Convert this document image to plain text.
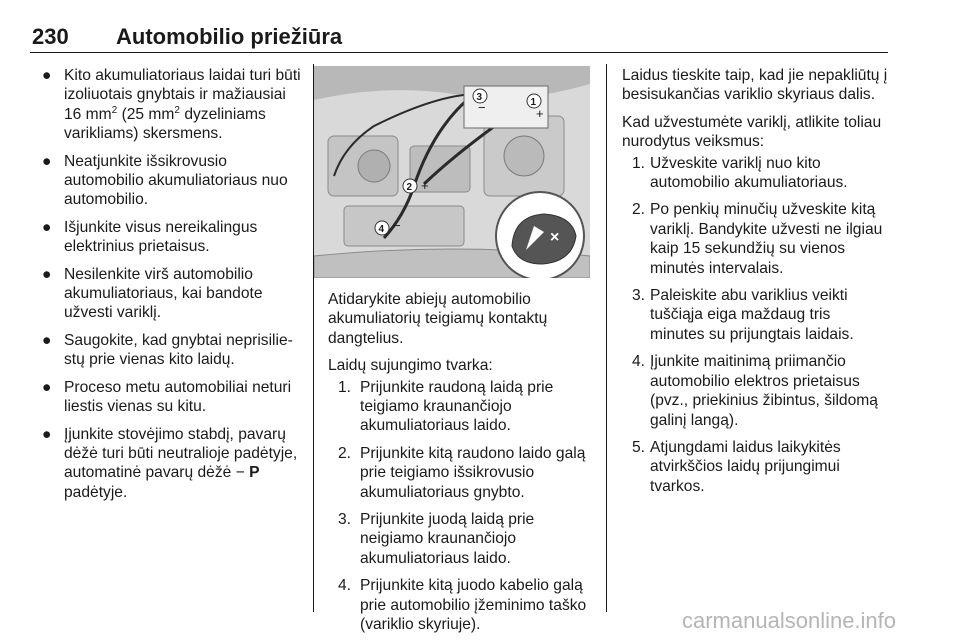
230 Automobilio priežiūra
● Kito akumuliatoriaus laidai turi būti izoliuotais gnybtais ir mažiausiai 16 $mm^2$ (25 $mm^2$ dyzeliniams varikliams) skersmens.
● Neatjunkite išsikrovusio automobilio akumuliatoriaus nuo automobilio.
● Išjunkite visus nereikalingus elektrinius prietaisus.
● Nesilenkite virš automobilio akumuliatoriaus, kai bandote užvesti variklį.
● Saugokite, kad gnybtai neprisiliestų prie vienas kito laidų.
● Proceso metu automobiliai neturi liestis vienas su kitu.
● Įjunkite stovėjimo stabdį, pavarų dėžė turi būti neutralioje padėtyje, automatinė pavarų dėžė − P padėtyje.
1
+
3
−
2 +
4 −
×
Atidarykite abiejų automobilio akumuliatorių teigiamų kontaktų dangtelius.
Laidų sujungimo tvarka:
1. Prijunkite raudoną laidą prie teigiamo kraunančiojo akumuliatoriaus laido.
2. Prijunkite kitą raudono laido galą prie teigiamo išsikrovusio akumuliatoriaus gnybto.
3. Prijunkite juodą laidą prie neigiamo kraunančiojo akumuliatoriaus laido.
4. Prijunkite kitą juodo kabelio galą prie automobilio įžeminimo taško (variklio skyriuje).
Laidus tieskite taip, kad jie nepakliūtų į besisukančias variklio skyriaus dalis.
Kad užvestumėte variklį, atlikite toliau nurodytus veiksmus:
1. Užveskite variklį nuo kito automobilio akumuliatoriaus.
2. Po penkių minučių užveskite kitą variklį. Bandykite užvesti ne ilgiau kaip 15 sekundžių su vienos minutės intervalais.
3. Paleiskite abu variklius veikti tuščiąja eiga maždaug tris minutes su prijungtais laidais.
4. Įjunkite maitinimą priimančio automobilio elektros prietaisus (pvz., priekinius žibintus, šildomą galinį langą).
5. Atjungdami laidus laikykitės atvirkščios laidų prijungimui tvarkos.
carmanualsonline.info
